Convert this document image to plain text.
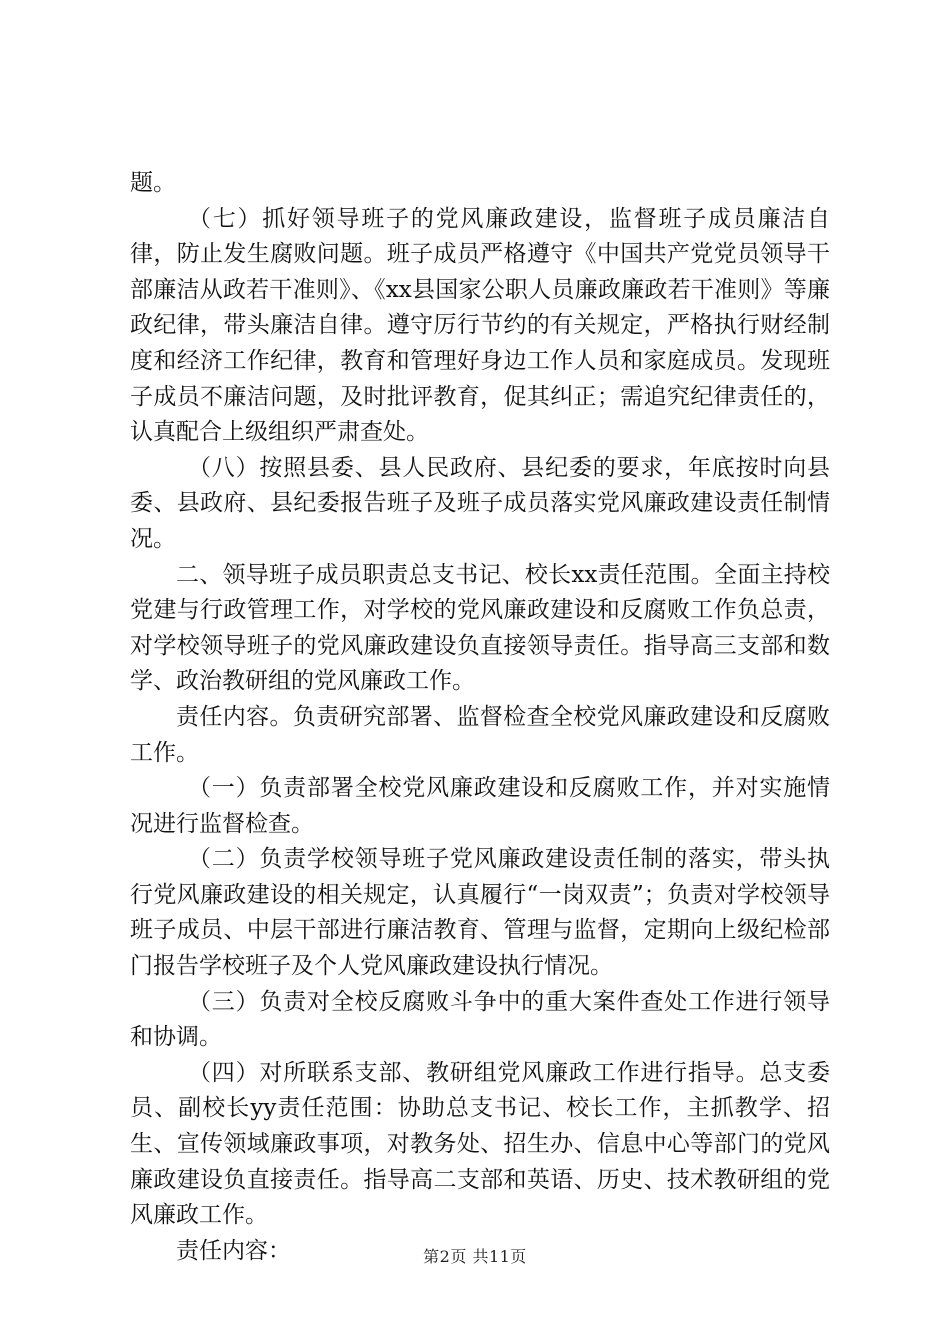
题。

（七）抓好领导班子的党风廉政建设，监督班子成员廉洁自律，防止发生腐败问题。班子成员严格遵守《中国共产党党员领导干部廉洁从政若干准则》、《xx县国家公职人员廉政廉政若干准则》等廉政纪律，带头廉洁自律。遵守厉行节约的有关规定，严格执行财经制度和经济工作纪律，教育和管理好身边工作人员和家庭成员。发现班子成员不廉洁问题，及时批评教育，促其纠正；需追究纪律责任的，认真配合上级组织严肃查处。

（八）按照县委、县人民政府、县纪委的要求，年底按时向县委、县政府、县纪委报告班子及班子成员落实党风廉政建设责任制情况。

二、领导班子成员职责总支书记、校长xx责任范围。全面主持校党建与行政管理工作，对学校的党风廉政建设和反腐败工作负总责，对学校领导班子的党风廉政建设负直接领导责任。指导高三支部和数学、政治教研组的党风廉政工作。

责任内容。负责研究部署、监督检查全校党风廉政建设和反腐败工作。

（一）负责部署全校党风廉政建设和反腐败工作，并对实施情况进行监督检查。

（二）负责学校领导班子党风廉政建设责任制的落实，带头执行党风廉政建设的相关规定，认真履行“一岗双责”；负责对学校领导班子成员、中层干部进行廉洁教育、管理与监督，定期向上级纪检部门报告学校班子及个人党风廉政建设执行情况。

（三）负责对全校反腐败斗争中的重大案件查处工作进行领导和协调。

（四）对所联系支部、教研组党风廉政工作进行指导。总支委员、副校长yy责任范围：协助总支书记、校长工作，主抓教学、招生、宣传领域廉政事项，对教务处、招生办、信息中心等部门的党风廉政建设负直接责任。指导高二支部和英语、历史、技术教研组的党风廉政工作。

责任内容：	第2页 共11页
